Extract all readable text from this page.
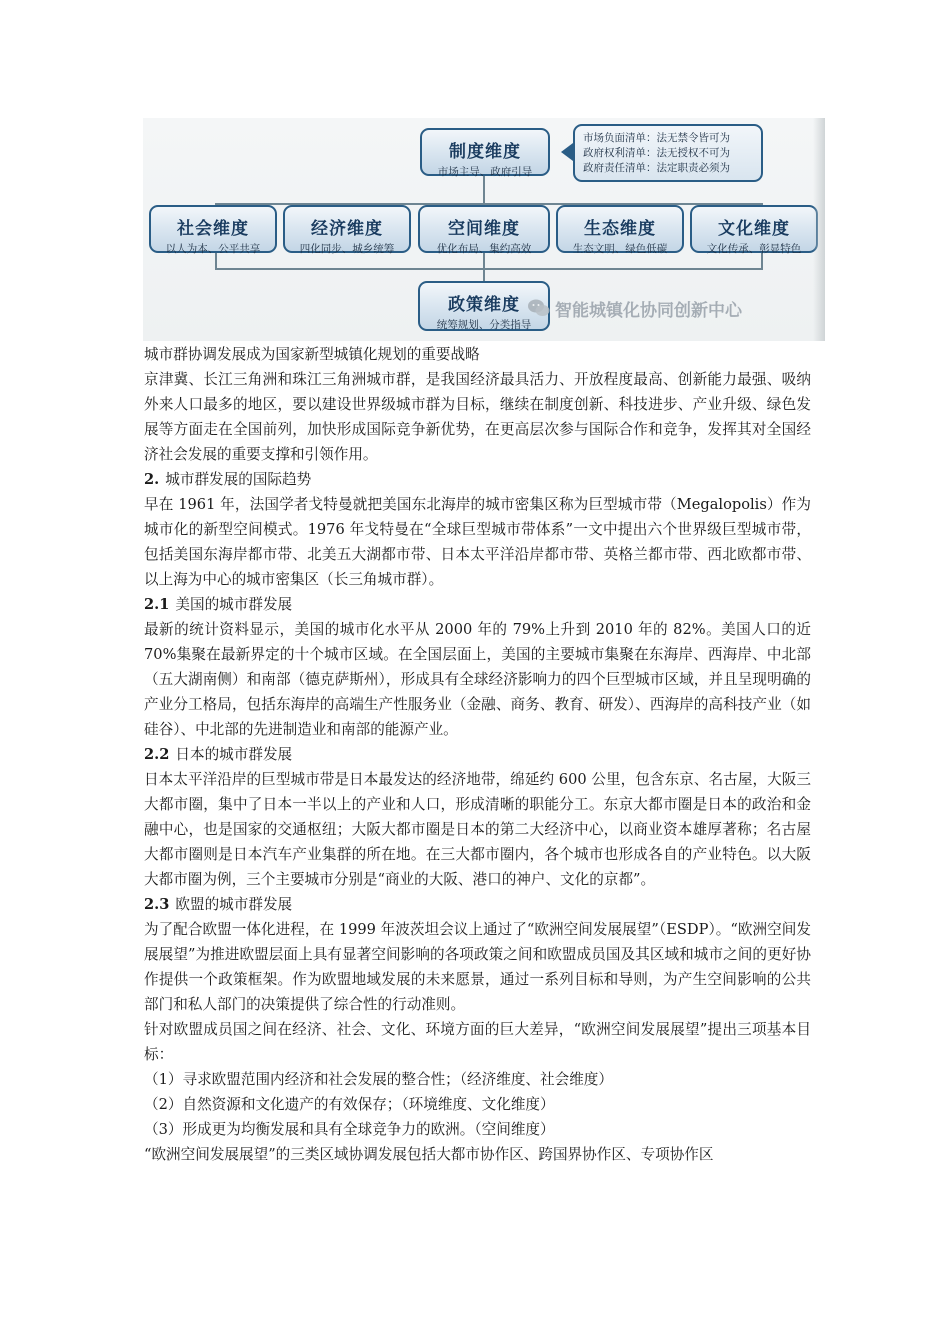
制度维度
市场主导、政府引导
市场负面清单：法无禁令皆可为
政府权利清单：法无授权不可为
政府责任清单：法定职责必须为
社会维度
以人为本、公平共享
经济维度
四化同步、城乡统筹
空间维度
优化布局、集约高效
生态维度
生态文明、绿色低碳
文化维度
文化传承、彰显特色
政策维度
统筹规划、分类指导
智能城镇化协同创新中心

城市群协调发展成为国家新型城镇化规划的重要战略

京津冀、长江三角洲和珠江三角洲城市群，是我国经济最具活力、开放程度最高、创新能力最强、吸纳外来人口最多的地区，要以建设世界级城市群为目标，继续在制度创新、科技进步、产业升级、绿色发展等方面走在全国前列，加快形成国际竞争新优势，在更高层次参与国际合作和竞争，发挥其对全国经济社会发展的重要支撑和引领作用。

2. 城市群发展的国际趋势

早在 1961 年，法国学者戈特曼就把美国东北海岸的城市密集区称为巨型城市带（Megalopolis）作为城市化的新型空间模式。1976 年戈特曼在“全球巨型城市带体系”一文中提出六个世界级巨型城市带，包括美国东海岸都市带、北美五大湖都市带、日本太平洋沿岸都市带、英格兰都市带、西北欧都市带、以上海为中心的城市密集区（长三角城市群）。

2.1 美国的城市群发展

最新的统计资料显示，美国的城市化水平从 2000 年的 79%上升到 2010 年的 82%。美国人口的近 70%集聚在最新界定的十个城市区域。在全国层面上，美国的主要城市集聚在东海岸、西海岸、中北部（五大湖南侧）和南部（德克萨斯州），形成具有全球经济影响力的四个巨型城市区域，并且呈现明确的产业分工格局，包括东海岸的高端生产性服务业（金融、商务、教育、研发）、西海岸的高科技产业（如硅谷）、中北部的先进制造业和南部的能源产业。

2.2 日本的城市群发展

日本太平洋沿岸的巨型城市带是日本最发达的经济地带，绵延约 600 公里，包含东京、名古屋，大阪三大都市圈，集中了日本一半以上的产业和人口，形成清晰的职能分工。东京大都市圈是日本的政治和金融中心，也是国家的交通枢纽；大阪大都市圈是日本的第二大经济中心，以商业资本雄厚著称；名古屋大都市圈则是日本汽车产业集群的所在地。在三大都市圈内，各个城市也形成各自的产业特色。以大阪大都市圈为例，三个主要城市分别是“商业的大阪、港口的神户、文化的京都”。

2.3 欧盟的城市群发展

为了配合欧盟一体化进程，在 1999 年波茨坦会议上通过了“欧洲空间发展展望”（ESDP）。“欧洲空间发展展望”为推进欧盟层面上具有显著空间影响的各项政策之间和欧盟成员国及其区域和城市之间的更好协作提供一个政策框架。作为欧盟地域发展的未来愿景，通过一系列目标和导则，为产生空间影响的公共部门和私人部门的决策提供了综合性的行动准则。

针对欧盟成员国之间在经济、社会、文化、环境方面的巨大差异，“欧洲空间发展展望”提出三项基本目标：

（1）寻求欧盟范围内经济和社会发展的整合性；（经济维度、社会维度）

（2）自然资源和文化遗产的有效保存；（环境维度、文化维度）

（3）形成更为均衡发展和具有全球竞争力的欧洲。（空间维度）

“欧洲空间发展展望”的三类区域协调发展包括大都市协作区、跨国界协作区、专项协作区
